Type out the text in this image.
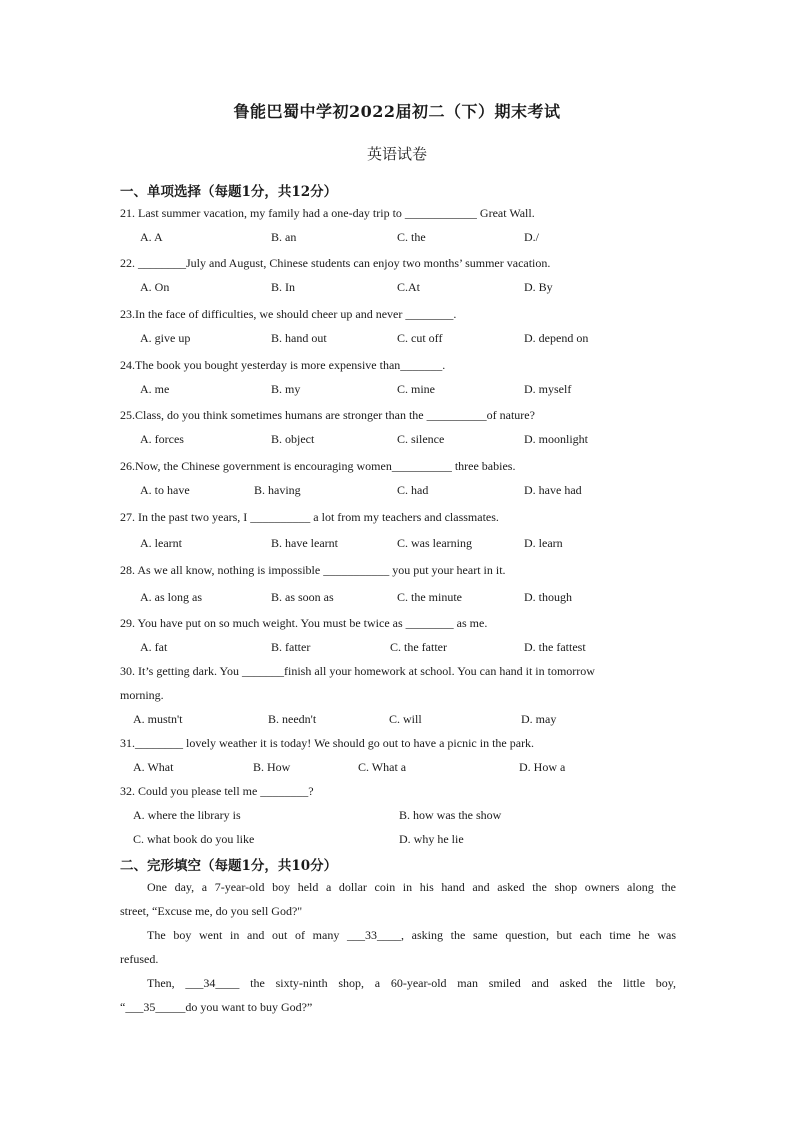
鲁能巴蜀中学初2022届初二（下）期末考试
英语试卷
一、单项选择（每题1分，共12分）
21. Last summer vacation, my family had a one-day trip to ____________ Great Wall.
A. A	B. an	C. the	D./
22. ________July and August, Chinese students can enjoy two months’ summer vacation.
A. On	B. In	C.At	D. By
23.In the face of difficulties, we should cheer up and never ________.
A. give up	B. hand out	C. cut off	D. depend on
24.The book you bought yesterday is more expensive than_______.
A. me	B. my	C. mine	D. myself
25.Class, do you think sometimes humans are stronger than the __________of nature?
A. forces	B. object	C. silence	D. moonlight
26.Now, the Chinese government is encouraging women__________ three babies.
A. to have	B. having	C. had	D. have had
27. In the past two years, I __________ a lot from my teachers and classmates.
A. learnt	B. have learnt	C. was learning	D. learn
28. As we all know, nothing is impossible ___________ you put your heart in it.
A. as long as	B. as soon as	C. the minute	D. though
29. You have put on so much weight. You must be twice as ________ as me.
A. fat	B. fatter	C. the fatter	D. the fattest
30. It’s getting dark. You _______finish all your homework at school. You can hand it in tomorrow
morning.
A. mustn't	B. needn't	C. will	D. may
31.________ lovely weather it is today! We should go out to have a picnic in the park.
A. What	B. How	C. What a	D. How a
32. Could you please tell me ________?
A. where the library is	B. how was the show
C. what book do you like	D. why he lie
二、完形填空（每题1分，共10分）
One day, a 7-year-old boy held a dollar coin in his hand and asked the shop owners along the
street, “Excuse me, do you sell God?"
The boy went in and out of many ___33____, asking the same question, but each time he was
refused.
Then, ___34____ the sixty-ninth shop, a 60-year-old man smiled and asked the little boy,
“___35_____do you want to buy God?”
